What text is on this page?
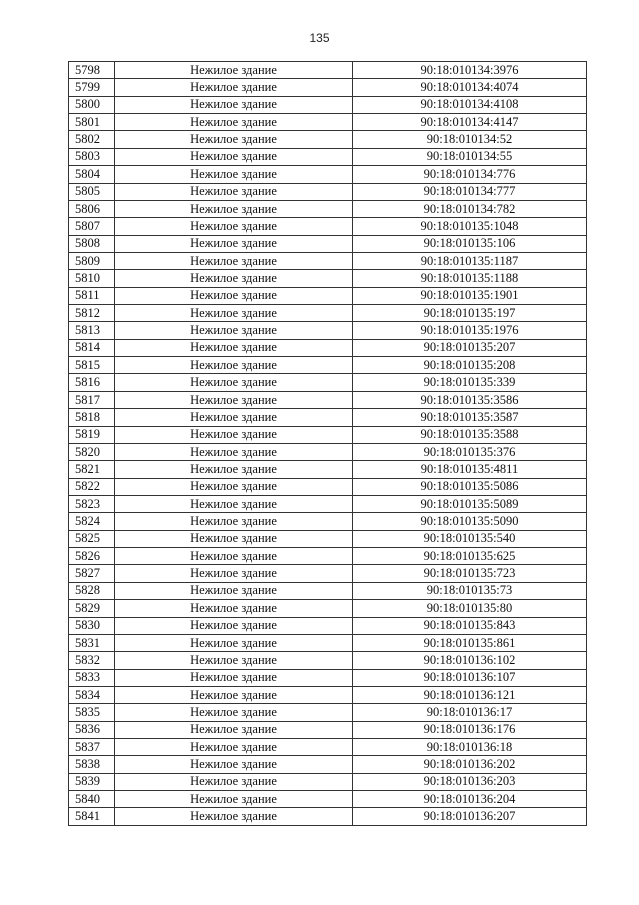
135
5798	Нежилое здание	90:18:010134:3976
5799	Нежилое здание	90:18:010134:4074
5800	Нежилое здание	90:18:010134:4108
5801	Нежилое здание	90:18:010134:4147
5802	Нежилое здание	90:18:010134:52
5803	Нежилое здание	90:18:010134:55
5804	Нежилое здание	90:18:010134:776
5805	Нежилое здание	90:18:010134:777
5806	Нежилое здание	90:18:010134:782
5807	Нежилое здание	90:18:010135:1048
5808	Нежилое здание	90:18:010135:106
5809	Нежилое здание	90:18:010135:1187
5810	Нежилое здание	90:18:010135:1188
5811	Нежилое здание	90:18:010135:1901
5812	Нежилое здание	90:18:010135:197
5813	Нежилое здание	90:18:010135:1976
5814	Нежилое здание	90:18:010135:207
5815	Нежилое здание	90:18:010135:208
5816	Нежилое здание	90:18:010135:339
5817	Нежилое здание	90:18:010135:3586
5818	Нежилое здание	90:18:010135:3587
5819	Нежилое здание	90:18:010135:3588
5820	Нежилое здание	90:18:010135:376
5821	Нежилое здание	90:18:010135:4811
5822	Нежилое здание	90:18:010135:5086
5823	Нежилое здание	90:18:010135:5089
5824	Нежилое здание	90:18:010135:5090
5825	Нежилое здание	90:18:010135:540
5826	Нежилое здание	90:18:010135:625
5827	Нежилое здание	90:18:010135:723
5828	Нежилое здание	90:18:010135:73
5829	Нежилое здание	90:18:010135:80
5830	Нежилое здание	90:18:010135:843
5831	Нежилое здание	90:18:010135:861
5832	Нежилое здание	90:18:010136:102
5833	Нежилое здание	90:18:010136:107
5834	Нежилое здание	90:18:010136:121
5835	Нежилое здание	90:18:010136:17
5836	Нежилое здание	90:18:010136:176
5837	Нежилое здание	90:18:010136:18
5838	Нежилое здание	90:18:010136:202
5839	Нежилое здание	90:18:010136:203
5840	Нежилое здание	90:18:010136:204
5841	Нежилое здание	90:18:010136:207
